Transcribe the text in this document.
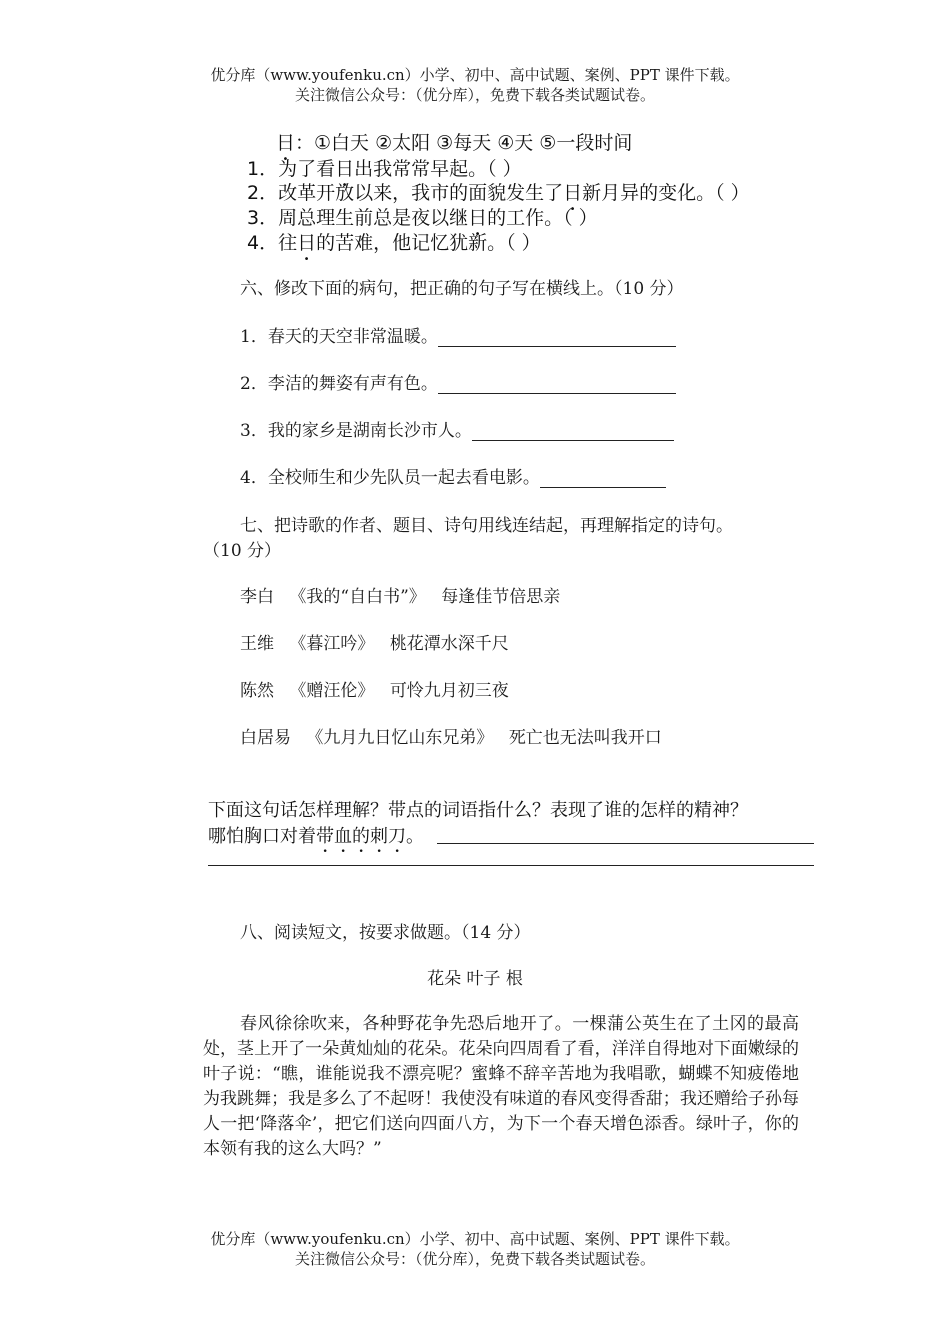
优分库（www.youfenku.cn）小学、初中、高中试题、案例、PPT 课件下载。
关注微信公众号：（优分库），免费下载各类试题试卷。
日：①白天 ②太阳 ③每天 ④天 ⑤一段时间
1．为了看日出我常常早起。（ ）
2．改革开放以来，我市的面貌发生了日新月异的变化。（ ）
3．周总理生前总是夜以继日的工作。（ ）
4．往日的苦难，他记忆犹新。（ ）
六、修改下面的病句，把正确的句子写在横线上。（10 分）
1．春天的天空非常温暖。
2．李洁的舞姿有声有色。
3．我的家乡是湖南长沙市人。
4．全校师生和少先队员一起去看电影。
七、把诗歌的作者、题目、诗句用线连结起，再理解指定的诗句。
（10 分）
李白 《我的“自白书”》 每逢佳节倍思亲
王维 《暮江吟》 桃花潭水深千尺
陈然 《赠汪伦》 可怜九月初三夜
白居易 《九月九日忆山东兄弟》 死亡也无法叫我开口
下面这句话怎样理解？带点的词语指什么？表现了谁的怎样的精神？
哪怕胸口对着带血的刺刀。
八、阅读短文，按要求做题。（14 分）
花朵 叶子 根
春风徐徐吹来，各种野花争先恐后地开了。一棵蒲公英生在了土冈的最高处，茎上开了一朵黄灿灿的花朵。花朵向四周看了看，洋洋自得地对下面嫩绿的叶子说：“瞧，谁能说我不漂亮呢？蜜蜂不辞辛苦地为我唱歌，蝴蝶不知疲倦地为我跳舞；我是多么了不起呀！我使没有味道的春风变得香甜；我还赠给子孙每人一把‘降落伞’，把它们送向四面八方，为下一个春天增色添香。绿叶子，你的本领有我的这么大吗？”
优分库（www.youfenku.cn）小学、初中、高中试题、案例、PPT 课件下载。
关注微信公众号：（优分库），免费下载各类试题试卷。
